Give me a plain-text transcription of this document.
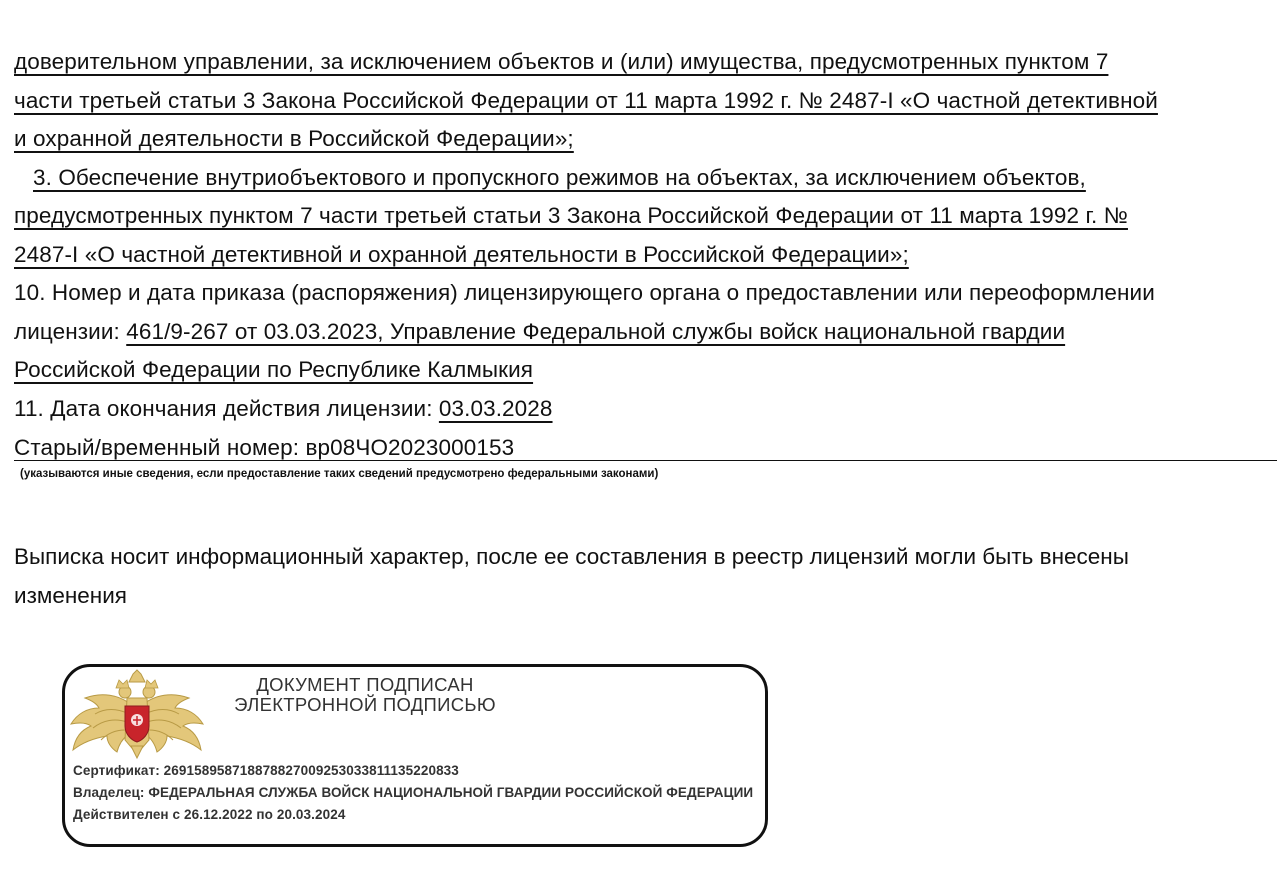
доверительном управлении, за исключением объектов и (или) имущества, предусмотренных пунктом 7
части третьей статьи 3 Закона Российской Федерации от 11 марта 1992 г. № 2487-I «О частной детективной
и охранной деятельности в Российской Федерации»;
3. Обеспечение внутриобъектового и пропускного режимов на объектах, за исключением объектов,
предусмотренных пунктом 7 части третьей статьи 3 Закона Российской Федерации от 11 марта 1992 г. №
2487-I «О частной детективной и охранной деятельности в Российской Федерации»;
10. Номер и дата приказа (распоряжения) лицензирующего органа о предоставлении или переоформлении
лицензии: 461/9-267 от 03.03.2023, Управление Федеральной службы войск национальной гвардии
Российской Федерации по Республике Калмыкия
11. Дата окончания действия лицензии: 03.03.2028
Старый/временный номер: вр08ЧО2023000153
(указываются иные сведения, если предоставление таких сведений предусмотрено федеральными законами)
Выписка носит информационный характер, после ее составления в реестр лицензий могли быть внесены
изменения
ДОКУМЕНТ ПОДПИСАН
ЭЛЕКТРОННОЙ ПОДПИСЬЮ
Сертификат: 269158958718878827009253033811135220833
Владелец: ФЕДЕРАЛЬНАЯ СЛУЖБА ВОЙСК НАЦИОНАЛЬНОЙ ГВАРДИИ РОССИЙСКОЙ ФЕДЕРАЦИИ
Действителен с 26.12.2022 по 20.03.2024
